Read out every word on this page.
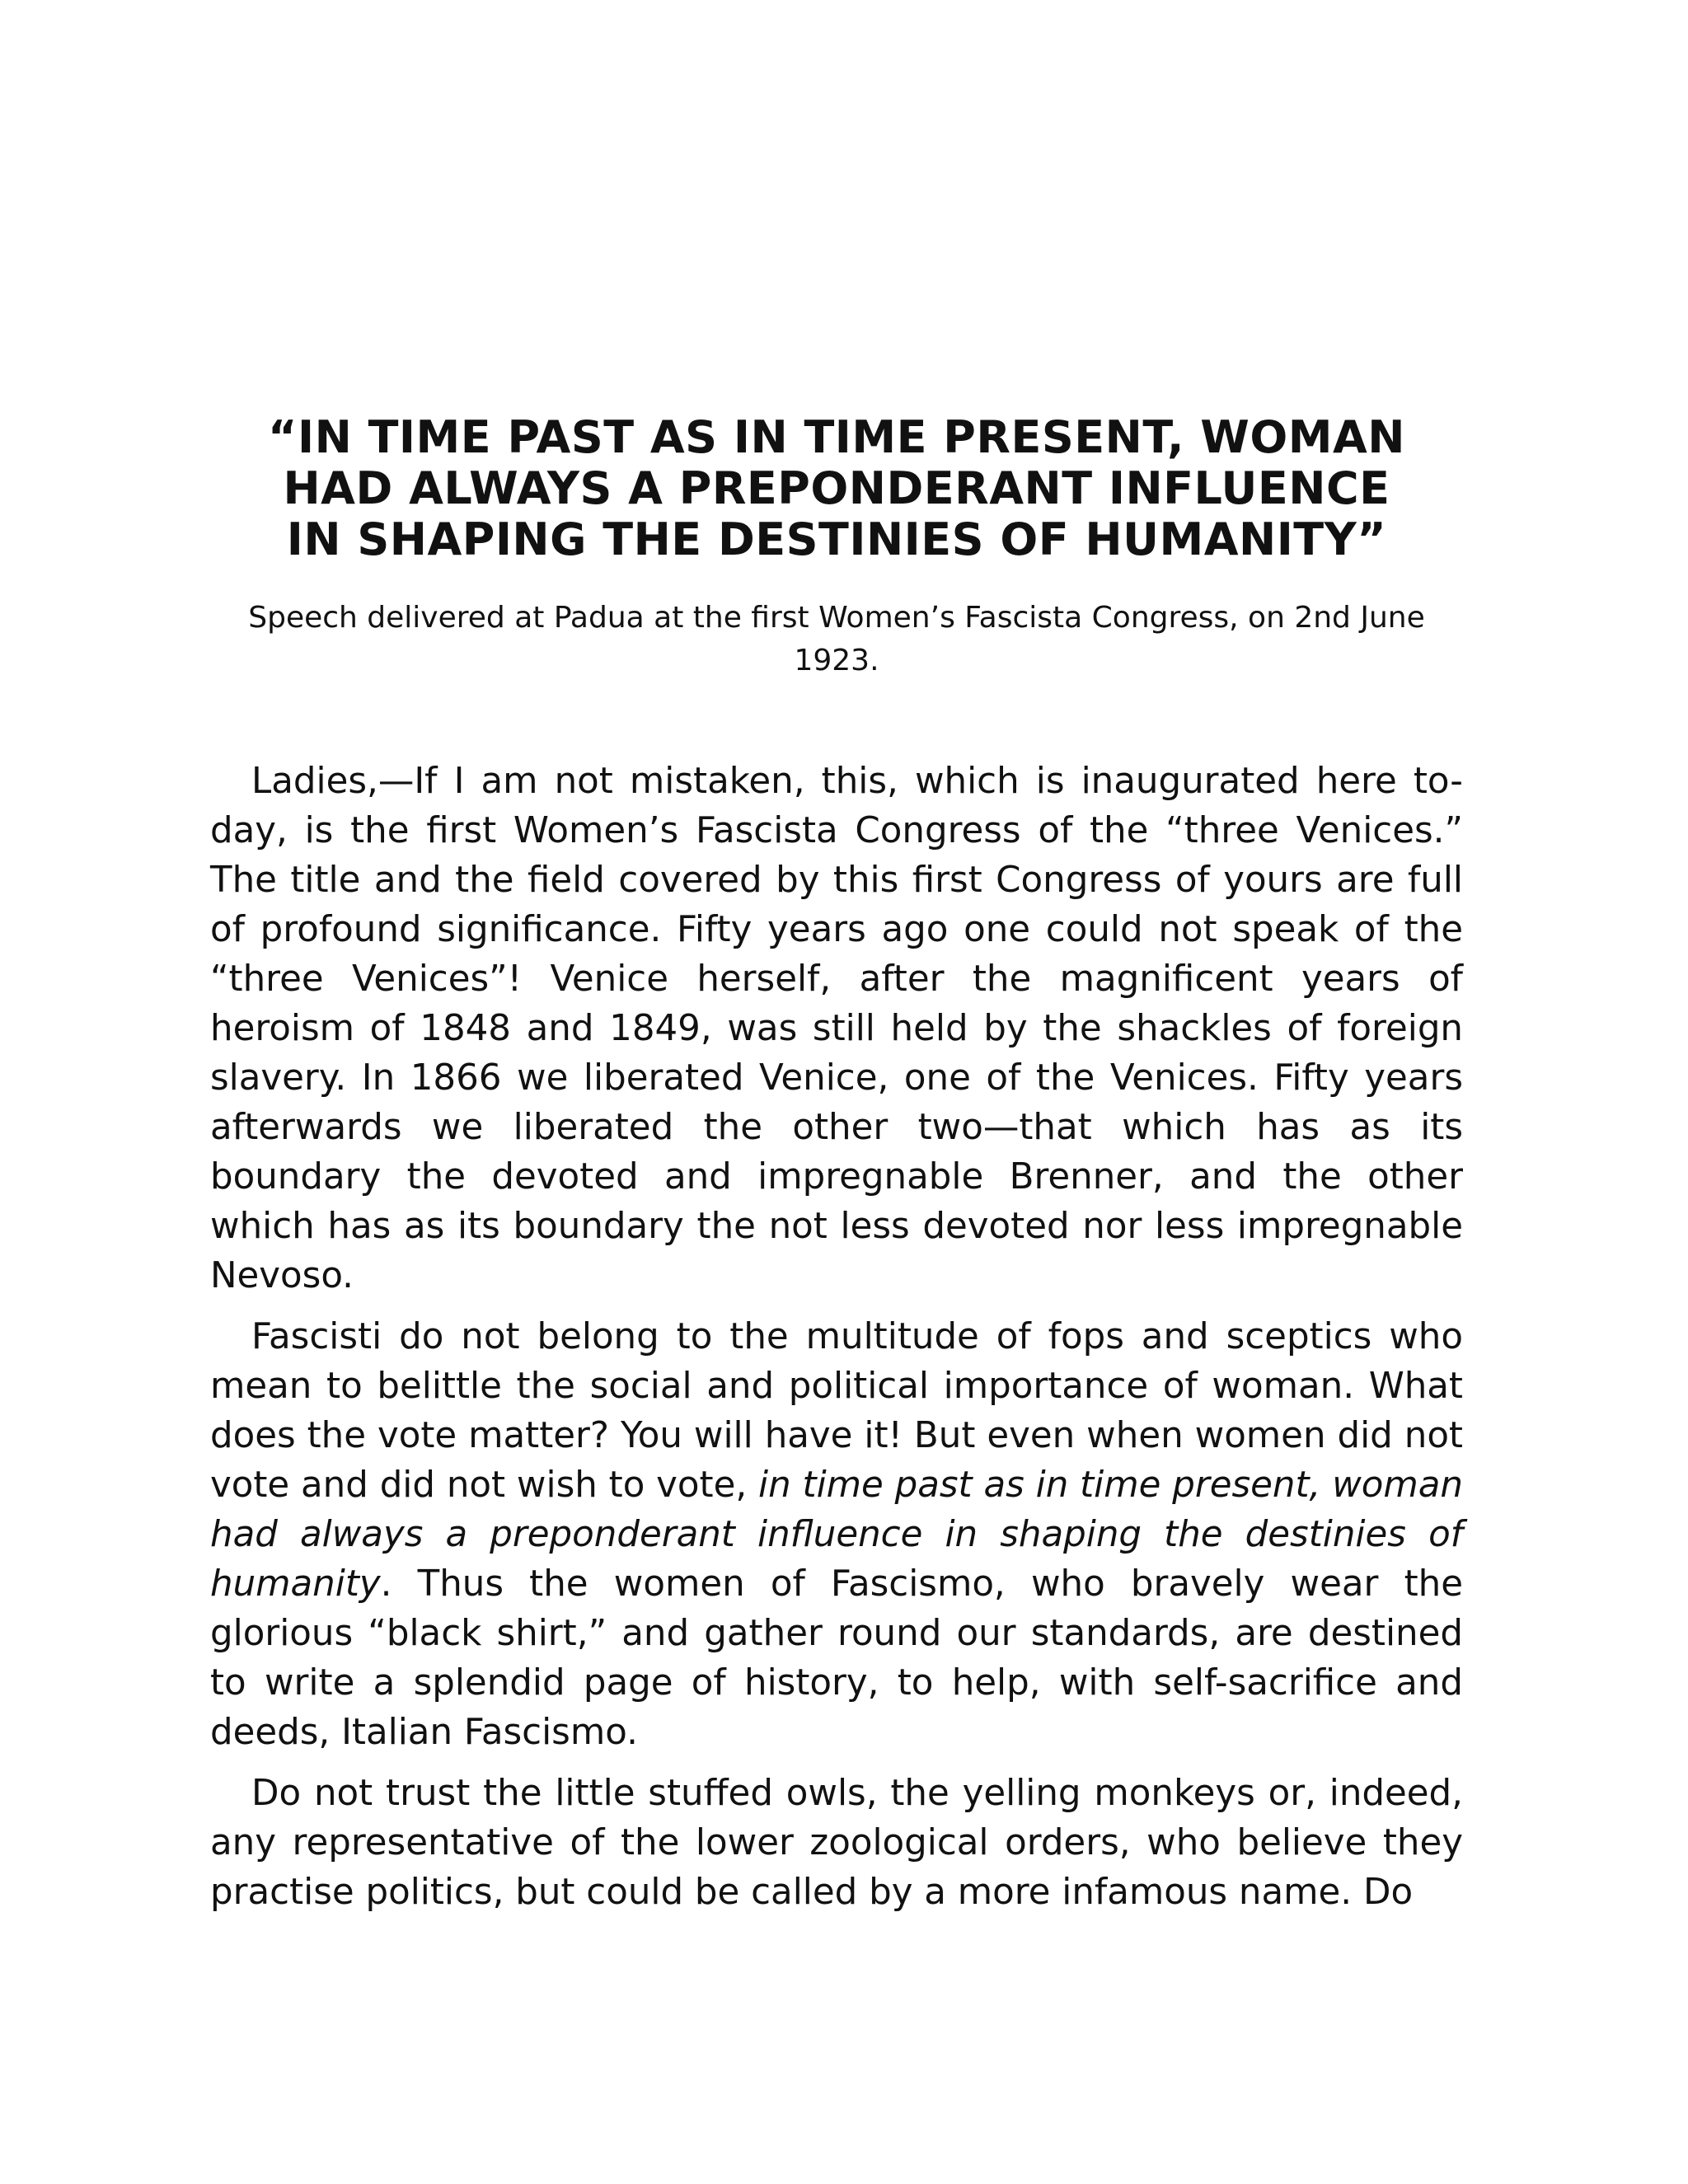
“IN TIME PAST AS IN TIME PRESENT, WOMAN
HAD ALWAYS A PREPONDERANT INFLUENCE
IN SHAPING THE DESTINIES OF HUMANITY”

Speech delivered at Padua at the first Women’s Fascista Congress, on 2nd June 1923.

Ladies,—If I am not mistaken, this, which is inaugurated here to-day, is the first Women’s Fascista Congress of the “three Venices.” The title and the field covered by this first Congress of yours are full of profound significance. Fifty years ago one could not speak of the “three Venices”! Venice herself, after the magnificent years of heroism of 1848 and 1849, was still held by the shackles of foreign slavery. In 1866 we liberated Venice, one of the Venices. Fifty years afterwards we liberated the other two—that which has as its boundary the devoted and impregnable Brenner, and the other which has as its boundary the not less devoted nor less impregnable Nevoso.

Fascisti do not belong to the multitude of fops and sceptics who mean to belittle the social and political importance of woman. What does the vote matter? You will have it! But even when women did not vote and did not wish to vote, in time past as in time present, woman had always a preponderant influence in shaping the destinies of humanity. Thus the women of Fascismo, who bravely wear the glorious “black shirt,” and gather round our standards, are destined to write a splendid page of history, to help, with self-sacrifice and deeds, Italian Fascismo.

Do not trust the little stuffed owls, the yelling monkeys or, indeed, any representative of the lower zoological orders, who believe they practise politics, but could be called by a more infamous name. Do
